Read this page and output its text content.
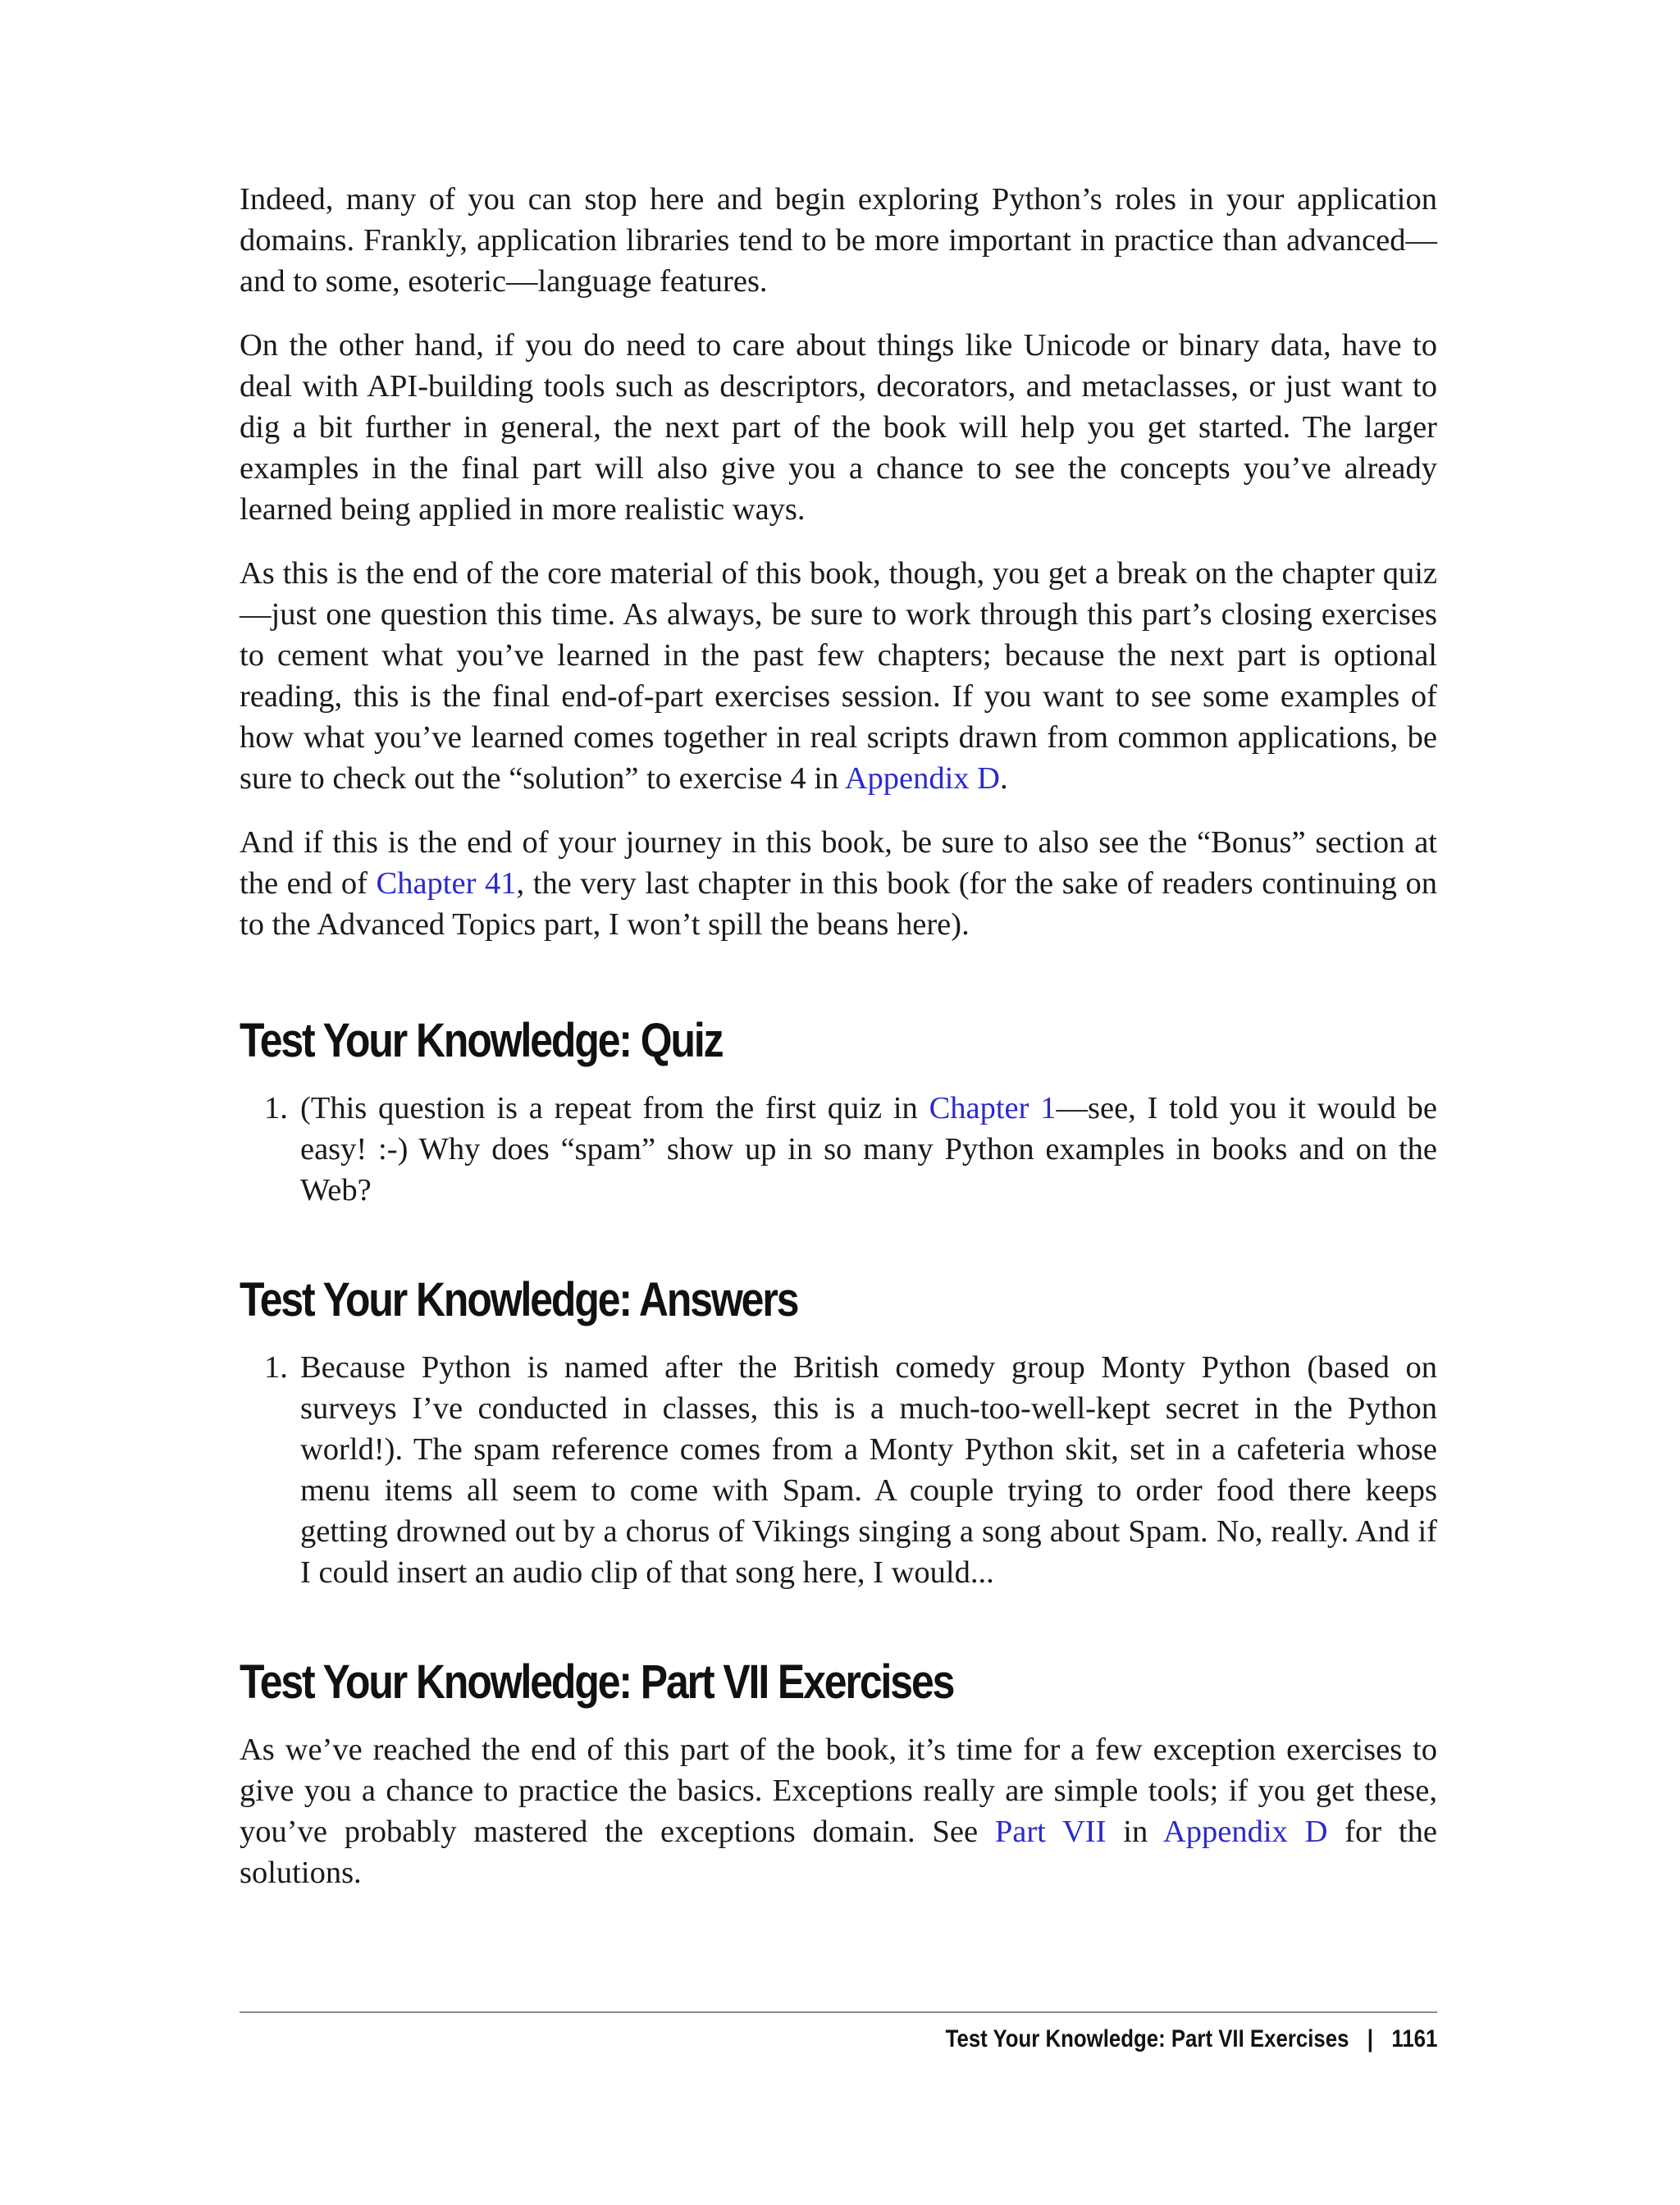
Indeed, many of you can stop here and begin exploring Python’s roles in your application domains. Frankly, application libraries tend to be more important in practice than advanced—and to some, esoteric—language features.

On the other hand, if you do need to care about things like Unicode or binary data, have to deal with API-building tools such as descriptors, decorators, and metaclasses, or just want to dig a bit further in general, the next part of the book will help you get started. The larger examples in the final part will also give you a chance to see the concepts you’ve already learned being applied in more realistic ways.

As this is the end of the core material of this book, though, you get a break on the chapter quiz—just one question this time. As always, be sure to work through this part’s closing exercises to cement what you’ve learned in the past few chapters; because the next part is optional reading, this is the final end-of-part exercises session. If you want to see some examples of how what you’ve learned comes together in real scripts drawn from common applications, be sure to check out the “solution” to exercise 4 in Appendix D.

And if this is the end of your journey in this book, be sure to also see the “Bonus” section at the end of Chapter 41, the very last chapter in this book (for the sake of readers continuing on to the Advanced Topics part, I won’t spill the beans here).

Test Your Knowledge: Quiz
1. (This question is a repeat from the first quiz in Chapter 1—see, I told you it would be easy! :-) Why does “spam” show up in so many Python examples in books and on the Web?
Test Your Knowledge: Answers
1. Because Python is named after the British comedy group Monty Python (based on surveys I’ve conducted in classes, this is a much-too-well-kept secret in the Python world!). The spam reference comes from a Monty Python skit, set in a cafeteria whose menu items all seem to come with Spam. A couple trying to order food there keeps getting drowned out by a chorus of Vikings singing a song about Spam. No, really. And if I could insert an audio clip of that song here, I would...
Test Your Knowledge: Part VII Exercises

As we’ve reached the end of this part of the book, it’s time for a few exception exercises to give you a chance to practice the basics. Exceptions really are simple tools; if you get these, you’ve probably mastered the exceptions domain. See Part VII in Appendix D for the solutions.

Test Your Knowledge: Part VII Exercises | 1161
